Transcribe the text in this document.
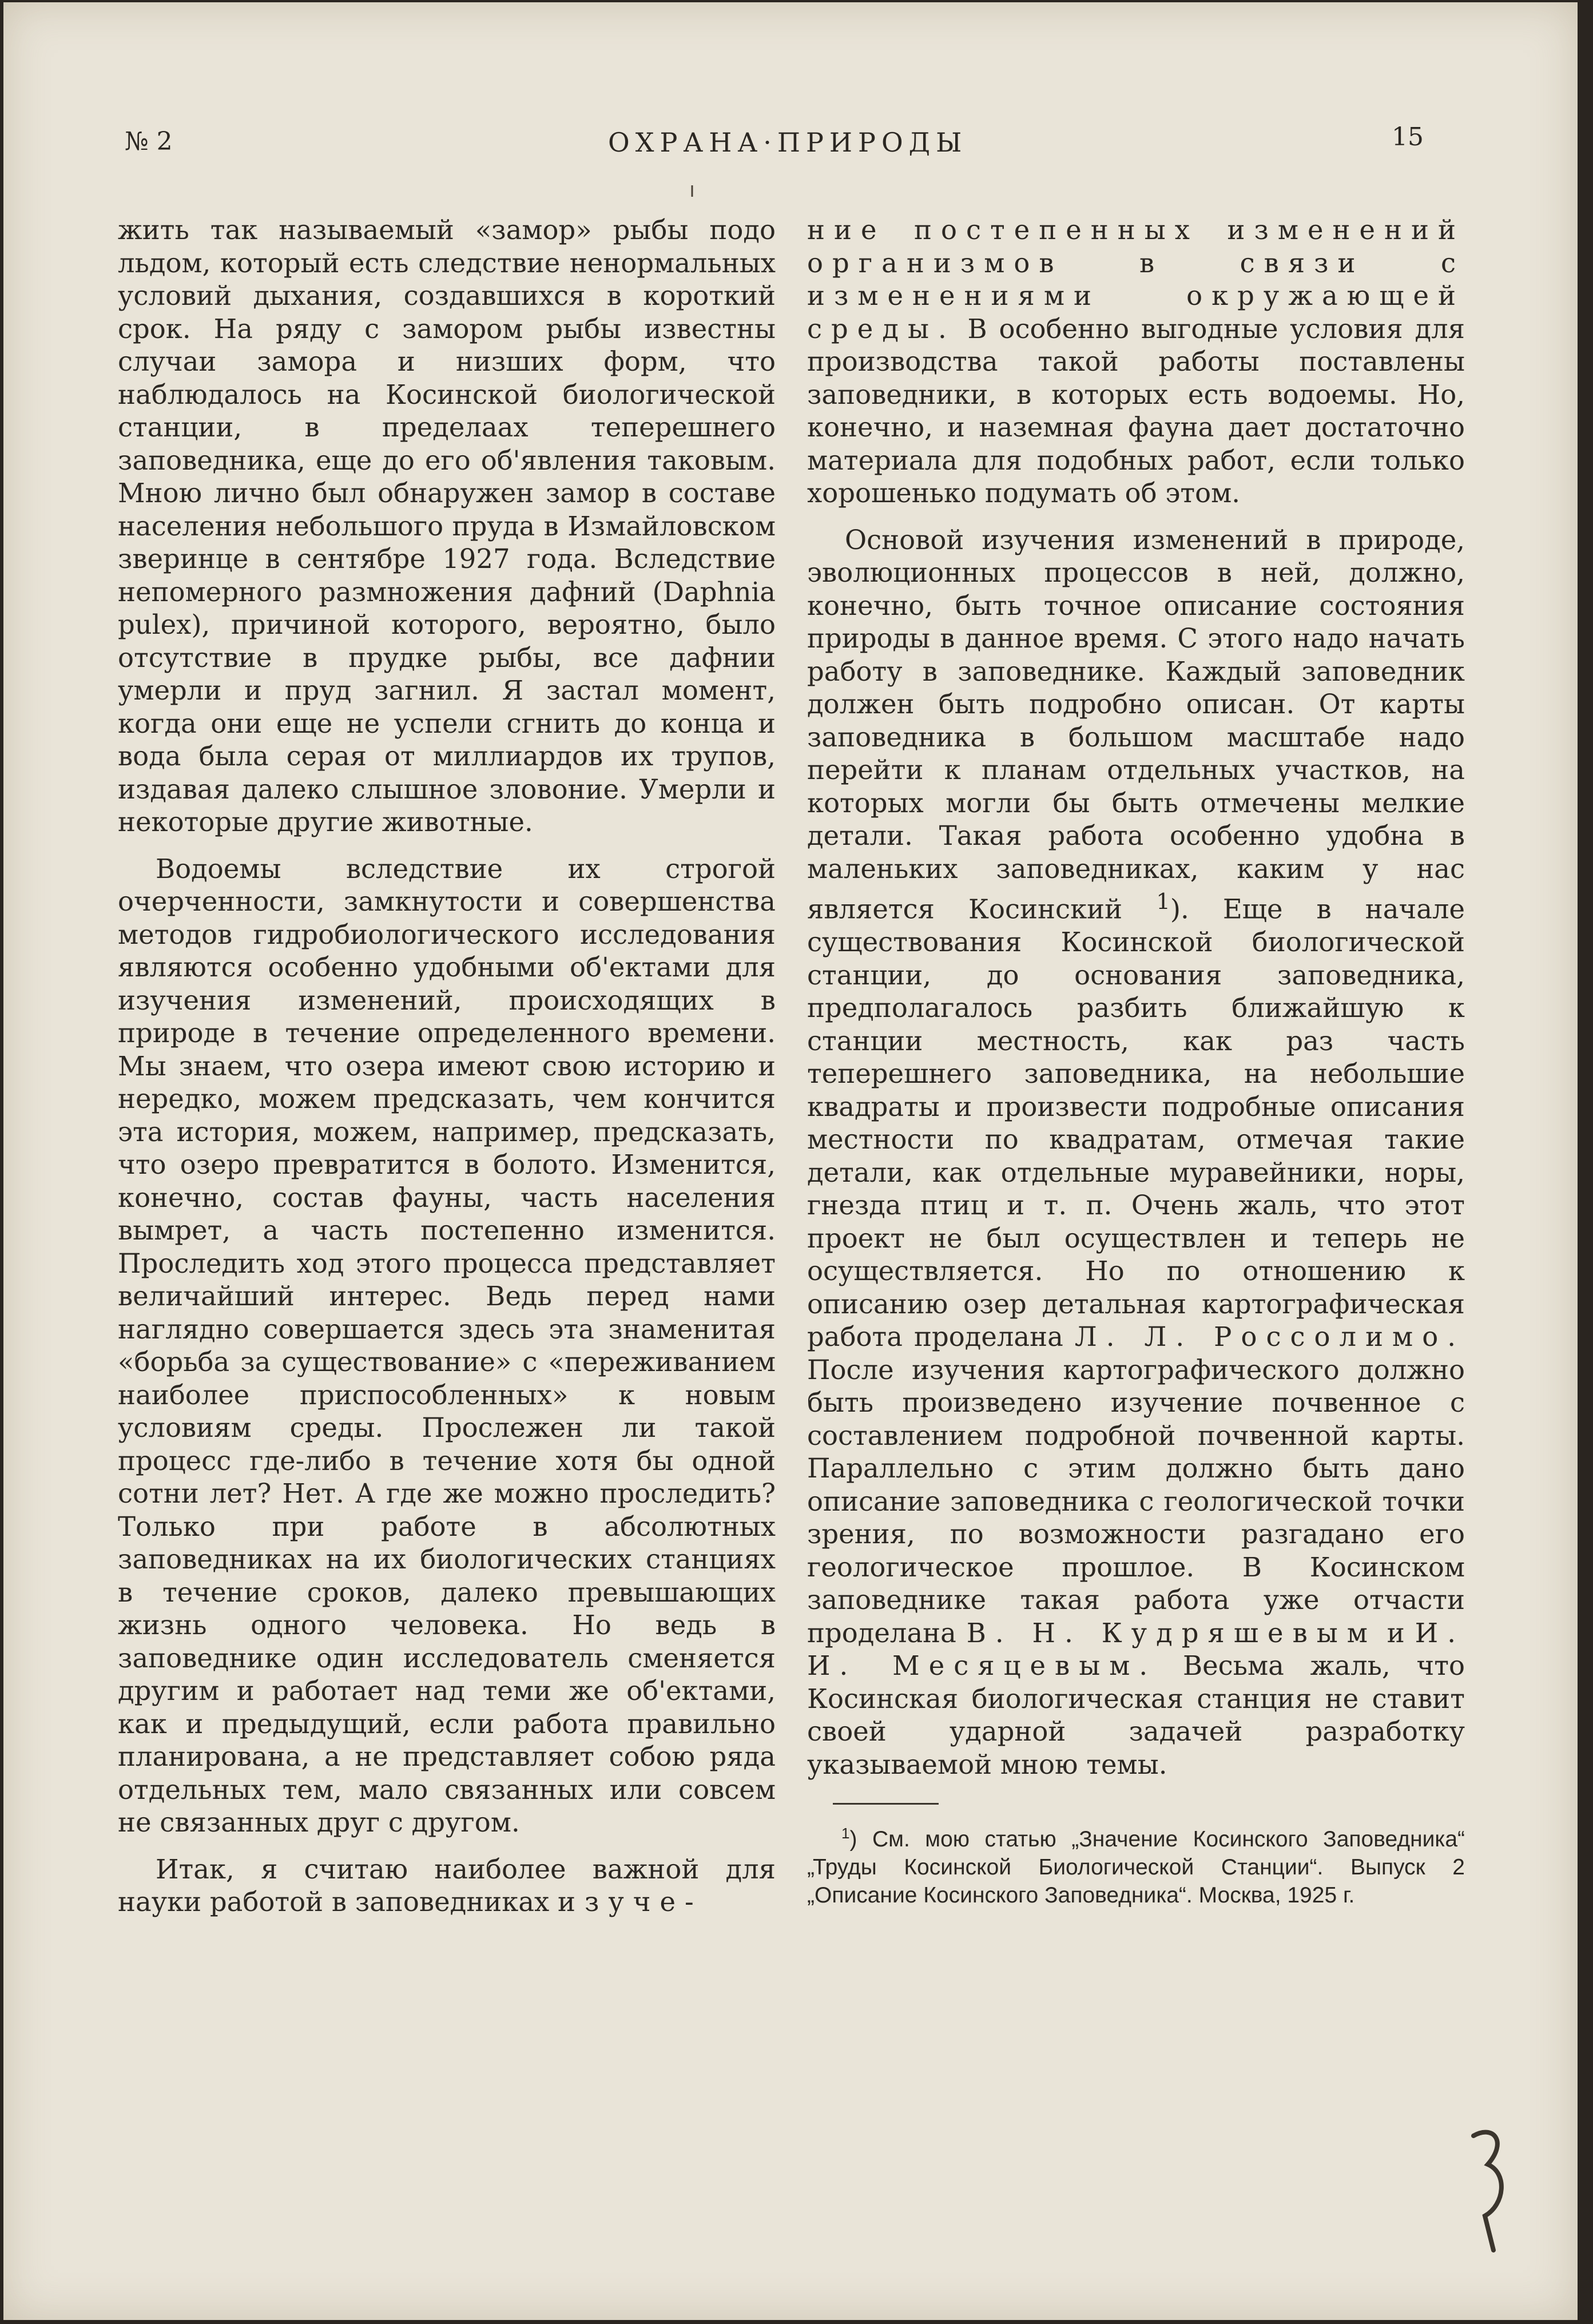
№ 2	ОХРАНА·ПРИРОДЫ	15

жить так называемый «замор» рыбы подо льдом, который есть следствие ненормальных условий дыхания, создавшихся в короткий срок. На ряду с замором рыбы известны случаи замора и низших форм, что наблюдалось на Косинской биологической станции, в пределаах теперешнего заповедника, еще до его об'явления таковым. Мною лично был обнаружен замор в составе населения небольшого пруда в Измайловском зверинце в сентябре 1927 года. Вследствие непомерного размножения дафний (Daphnia pulex), причиной которого, вероятно, было отсутствие в прудке рыбы, все дафнии умерли и пруд загнил. Я застал момент, когда они еще не успели сгнить до конца и вода была серая от миллиардов их трупов, издавая далеко слышное зловоние. Умерли и некоторые другие животные.

Водоемы вследствие их строгой очерченности, замкнутости и совершенства методов гидробиологического исследования являются особенно удобными об'ектами для изучения изменений, происходящих в природе в течение определенного времени. Мы знаем, что озера имеют свою историю и нередко, можем предсказать, чем кончится эта история, можем, например, предсказать, что озеро превратится в болото. Изменится, конечно, состав фауны, часть населения вымрет, а часть постепенно изменится. Проследить ход этого процесса представляет величайший интерес. Ведь перед нами наглядно совершается здесь эта знаменитая «борьба за существование» с «переживанием наиболее приспособленных» к новым условиям среды. Прослежен ли такой процесс где-либо в течение хотя бы одной сотни лет? Нет. А где же можно проследить? Только при работе в абсолютных заповедниках на их биологических станциях в течение сроков, далеко превышающих жизнь одного человека. Но ведь в заповеднике один исследователь сменяется другим и работает над теми же об'ектами, как и предыдущий, если работа правильно планирована, а не представляет собою ряда отдельных тем, мало связанных или совсем не связанных друг с другом.

Итак, я считаю наиболее важной для науки работой в заповедниках изуче-

ние постепенных изменений организмов в связи с изменениями окружающей среды. В особенно выгодные условия для производства такой работы поставлены заповедники, в которых есть водоемы. Но, конечно, и наземная фауна дает достаточно материала для подобных работ, если только хорошенько подумать об этом.

Основой изучения изменений в природе, эволюционных процессов в ней, должно, конечно, быть точное описание состояния природы в данное время. С этого надо начать работу в заповеднике. Каждый заповедник должен быть подробно описан. От карты заповедника в большом масштабе надо перейти к планам отдельных участков, на которых могли бы быть отмечены мелкие детали. Такая работа особенно удобна в маленьких заповедниках, каким у нас является Косинский $^1$). Еще в начале существования Косинской биологической станции, до основания заповедника, предполагалось разбить ближайшую к станции местность, как раз часть теперешнего заповедника, на небольшие квадраты и произвести подробные описания местности по квадратам, отмечая такие детали, как отдельные муравейники, норы, гнезда птиц и т. п. Очень жаль, что этот проект не был осуществлен и теперь не осуществляется. Но по отношению к описанию озер детальная картографическая работа проделана Л. Л. Россолимо. После изучения картографического должно быть произведено изучение почвенное с составлением подробной почвенной карты. Параллельно с этим должно быть дано описание заповедника с геологической точки зрения, по возможности разгадано его геологическое прошлое. В Косинском заповеднике такая работа уже отчасти проделана В. Н. Кудряшевым и И. И. Месяцевым. Весьма жаль, что Косинская биологическая станция не ставит своей ударной задачей разработку указываемой мною темы.

$^1$) См. мою статью „Значение Косинского Заповедника“ „Труды Косинской Биологической Станции“. Выпуск 2 „Описание Косинского Заповедника“. Москва, 1925 г.
